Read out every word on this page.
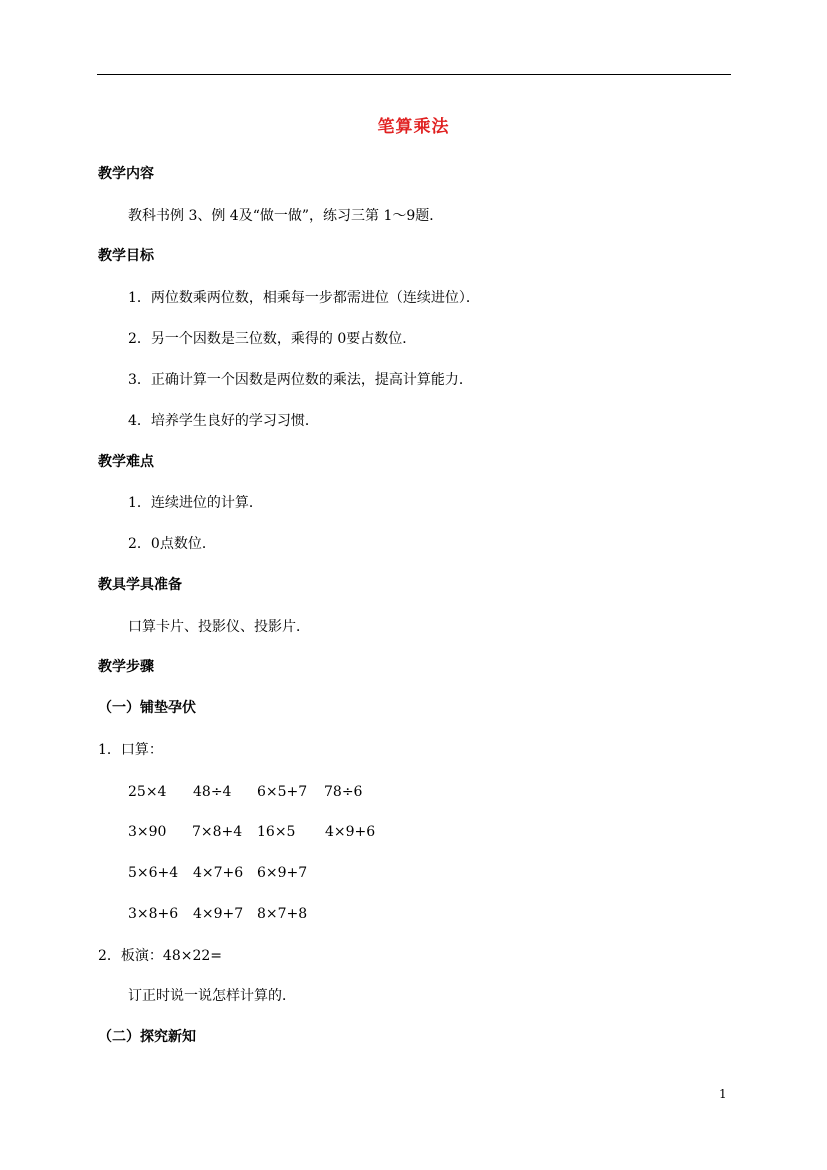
笔算乘法
教学内容
教科书例 3、例 4及“做一做”，练习三第 1～9题．
教学目标
1．两位数乘两位数，相乘每一步都需进位（连续进位）．
2．另一个因数是三位数，乘得的 0要占数位．
3．正确计算一个因数是两位数的乘法，提高计算能力．
4．培养学生良好的学习习惯．
教学难点
1．连续进位的计算．
2．0点数位．
教具学具准备
口算卡片、投影仪、投影片．
教学步骤
（一）铺垫孕伏
1．口算：
25×4 48÷4 6×5+7 78÷6
3×90 7×8+4 16×5 4×9+6
5×6+4 4×7+6 6×9+7
3×8+6 4×9+7 8×7+8
2．板演：48×22=
订正时说一说怎样计算的．
（二）探究新知
1
